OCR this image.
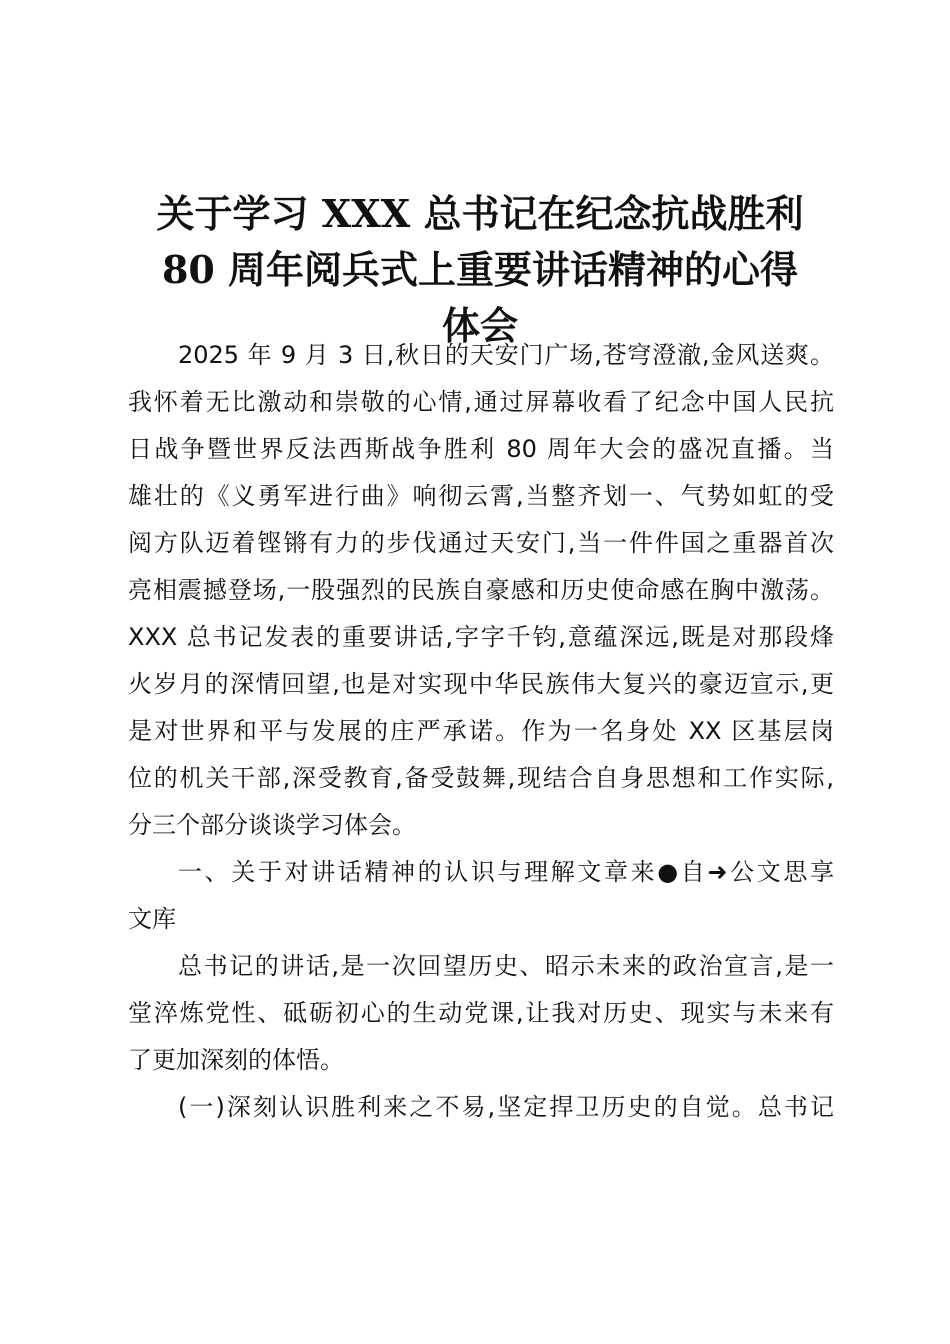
关于学习 XXX 总书记在纪念抗战胜利
80 周年阅兵式上重要讲话精神的心得
体会
2025 年 9 月 3 日,秋日的天安门广场,苍穹澄澈,金风送爽。
我怀着无比激动和崇敬的心情,通过屏幕收看了纪念中国人民抗
日战争暨世界反法西斯战争胜利 80 周年大会的盛况直播。当
雄壮的《义勇军进行曲》响彻云霄,当整齐划一、气势如虹的受
阅方队迈着铿锵有力的步伐通过天安门,当一件件国之重器首次
亮相震撼登场,一股强烈的民族自豪感和历史使命感在胸中激荡。
XXX 总书记发表的重要讲话,字字千钧,意蕴深远,既是对那段烽
火岁月的深情回望,也是对实现中华民族伟大复兴的豪迈宣示,更
是对世界和平与发展的庄严承诺。作为一名身处 XX 区基层岗
位的机关干部,深受教育,备受鼓舞,现结合自身思想和工作实际,
分三个部分谈谈学习体会。
一、关于对讲话精神的认识与理解文章来●自➜公文思享
文库
总书记的讲话,是一次回望历史、昭示未来的政治宣言,是一
堂淬炼党性、砥砺初心的生动党课,让我对历史、现实与未来有
了更加深刻的体悟。
(一)深刻认识胜利来之不易,坚定捍卫历史的自觉。总书记
